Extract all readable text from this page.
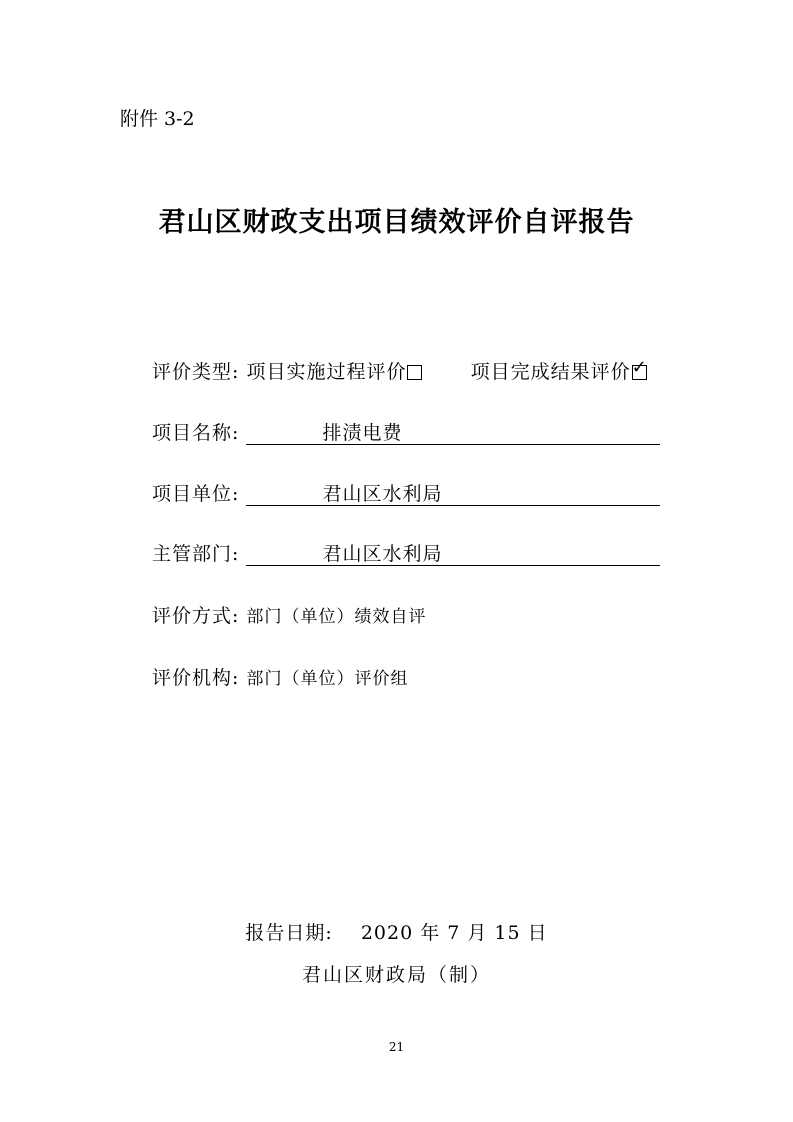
附件 3-2
君山区财政支出项目绩效评价自评报告
评价类型: 项目实施过程评价	项目完成结果评价✓
项目名称:	排渍电费
项目单位:	君山区水利局
主管部门:	君山区水利局
评价方式: 部门（单位）绩效自评
评价机构: 部门（单位）评价组
报告日期: 2020 年 7 月 15 日
君山区财政局（制）
21
